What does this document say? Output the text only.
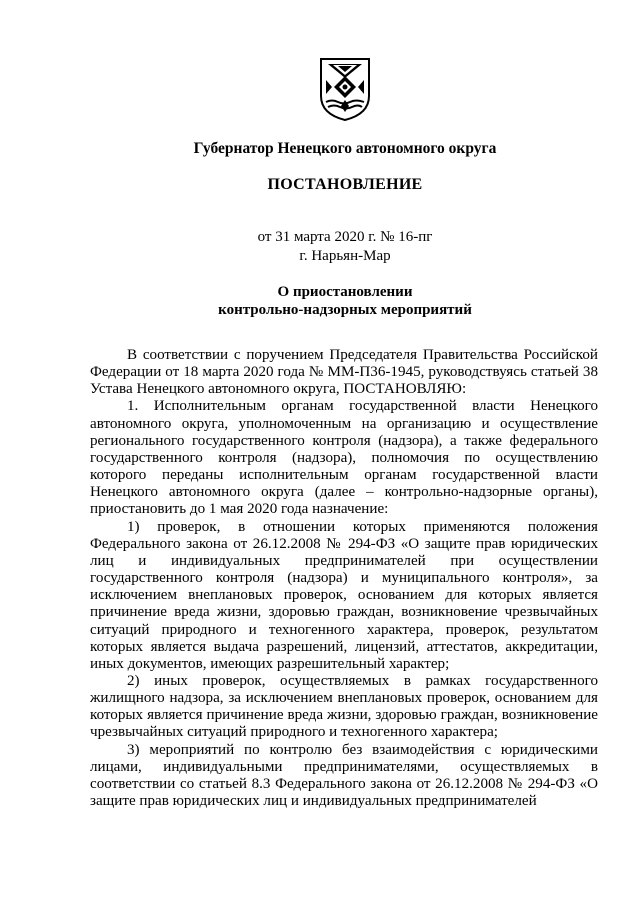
Губернатор Ненецкого автономного округа
ПОСТАНОВЛЕНИЕ
от 31 марта 2020 г. № 16-пг
г. Нарьян-Мар
О приостановлении
контрольно-надзорных мероприятий

В соответствии с поручением Председателя Правительства Российской Федерации от 18 марта 2020 года № ММ-П36-1945, руководствуясь статьей 38 Устава Ненецкого автономного округа, ПОСТАНОВЛЯЮ:

1. Исполнительным органам государственной власти Ненецкого автономного округа, уполномоченным на организацию и осуществление регионального государственного контроля (надзора), а также федерального государственного контроля (надзора), полномочия по осуществлению которого переданы исполнительным органам государственной власти Ненецкого автономного округа (далее – контрольно-надзорные органы), приостановить до 1 мая 2020 года назначение:

1) проверок, в отношении которых применяются положения Федерального закона от 26.12.2008 № 294-ФЗ «О защите прав юридических лиц и индивидуальных предпринимателей при осуществлении государственного контроля (надзора) и муниципального контроля», за исключением внеплановых проверок, основанием для которых является причинение вреда жизни, здоровью граждан, возникновение чрезвычайных ситуаций природного и техногенного характера, проверок, результатом которых является выдача разрешений, лицензий, аттестатов, аккредитации, иных документов, имеющих разрешительный характер;

2) иных проверок, осуществляемых в рамках государственного жилищного надзора, за исключением внеплановых проверок, основанием для которых является причинение вреда жизни, здоровью граждан, возникновение чрезвычайных ситуаций природного и техногенного характера;

3) мероприятий по контролю без взаимодействия с юридическими лицами, индивидуальными предпринимателями, осуществляемых в соответствии со статьей 8.3 Федерального закона от 26.12.2008 № 294-ФЗ «О защите прав юридических лиц и индивидуальных предпринимателей
